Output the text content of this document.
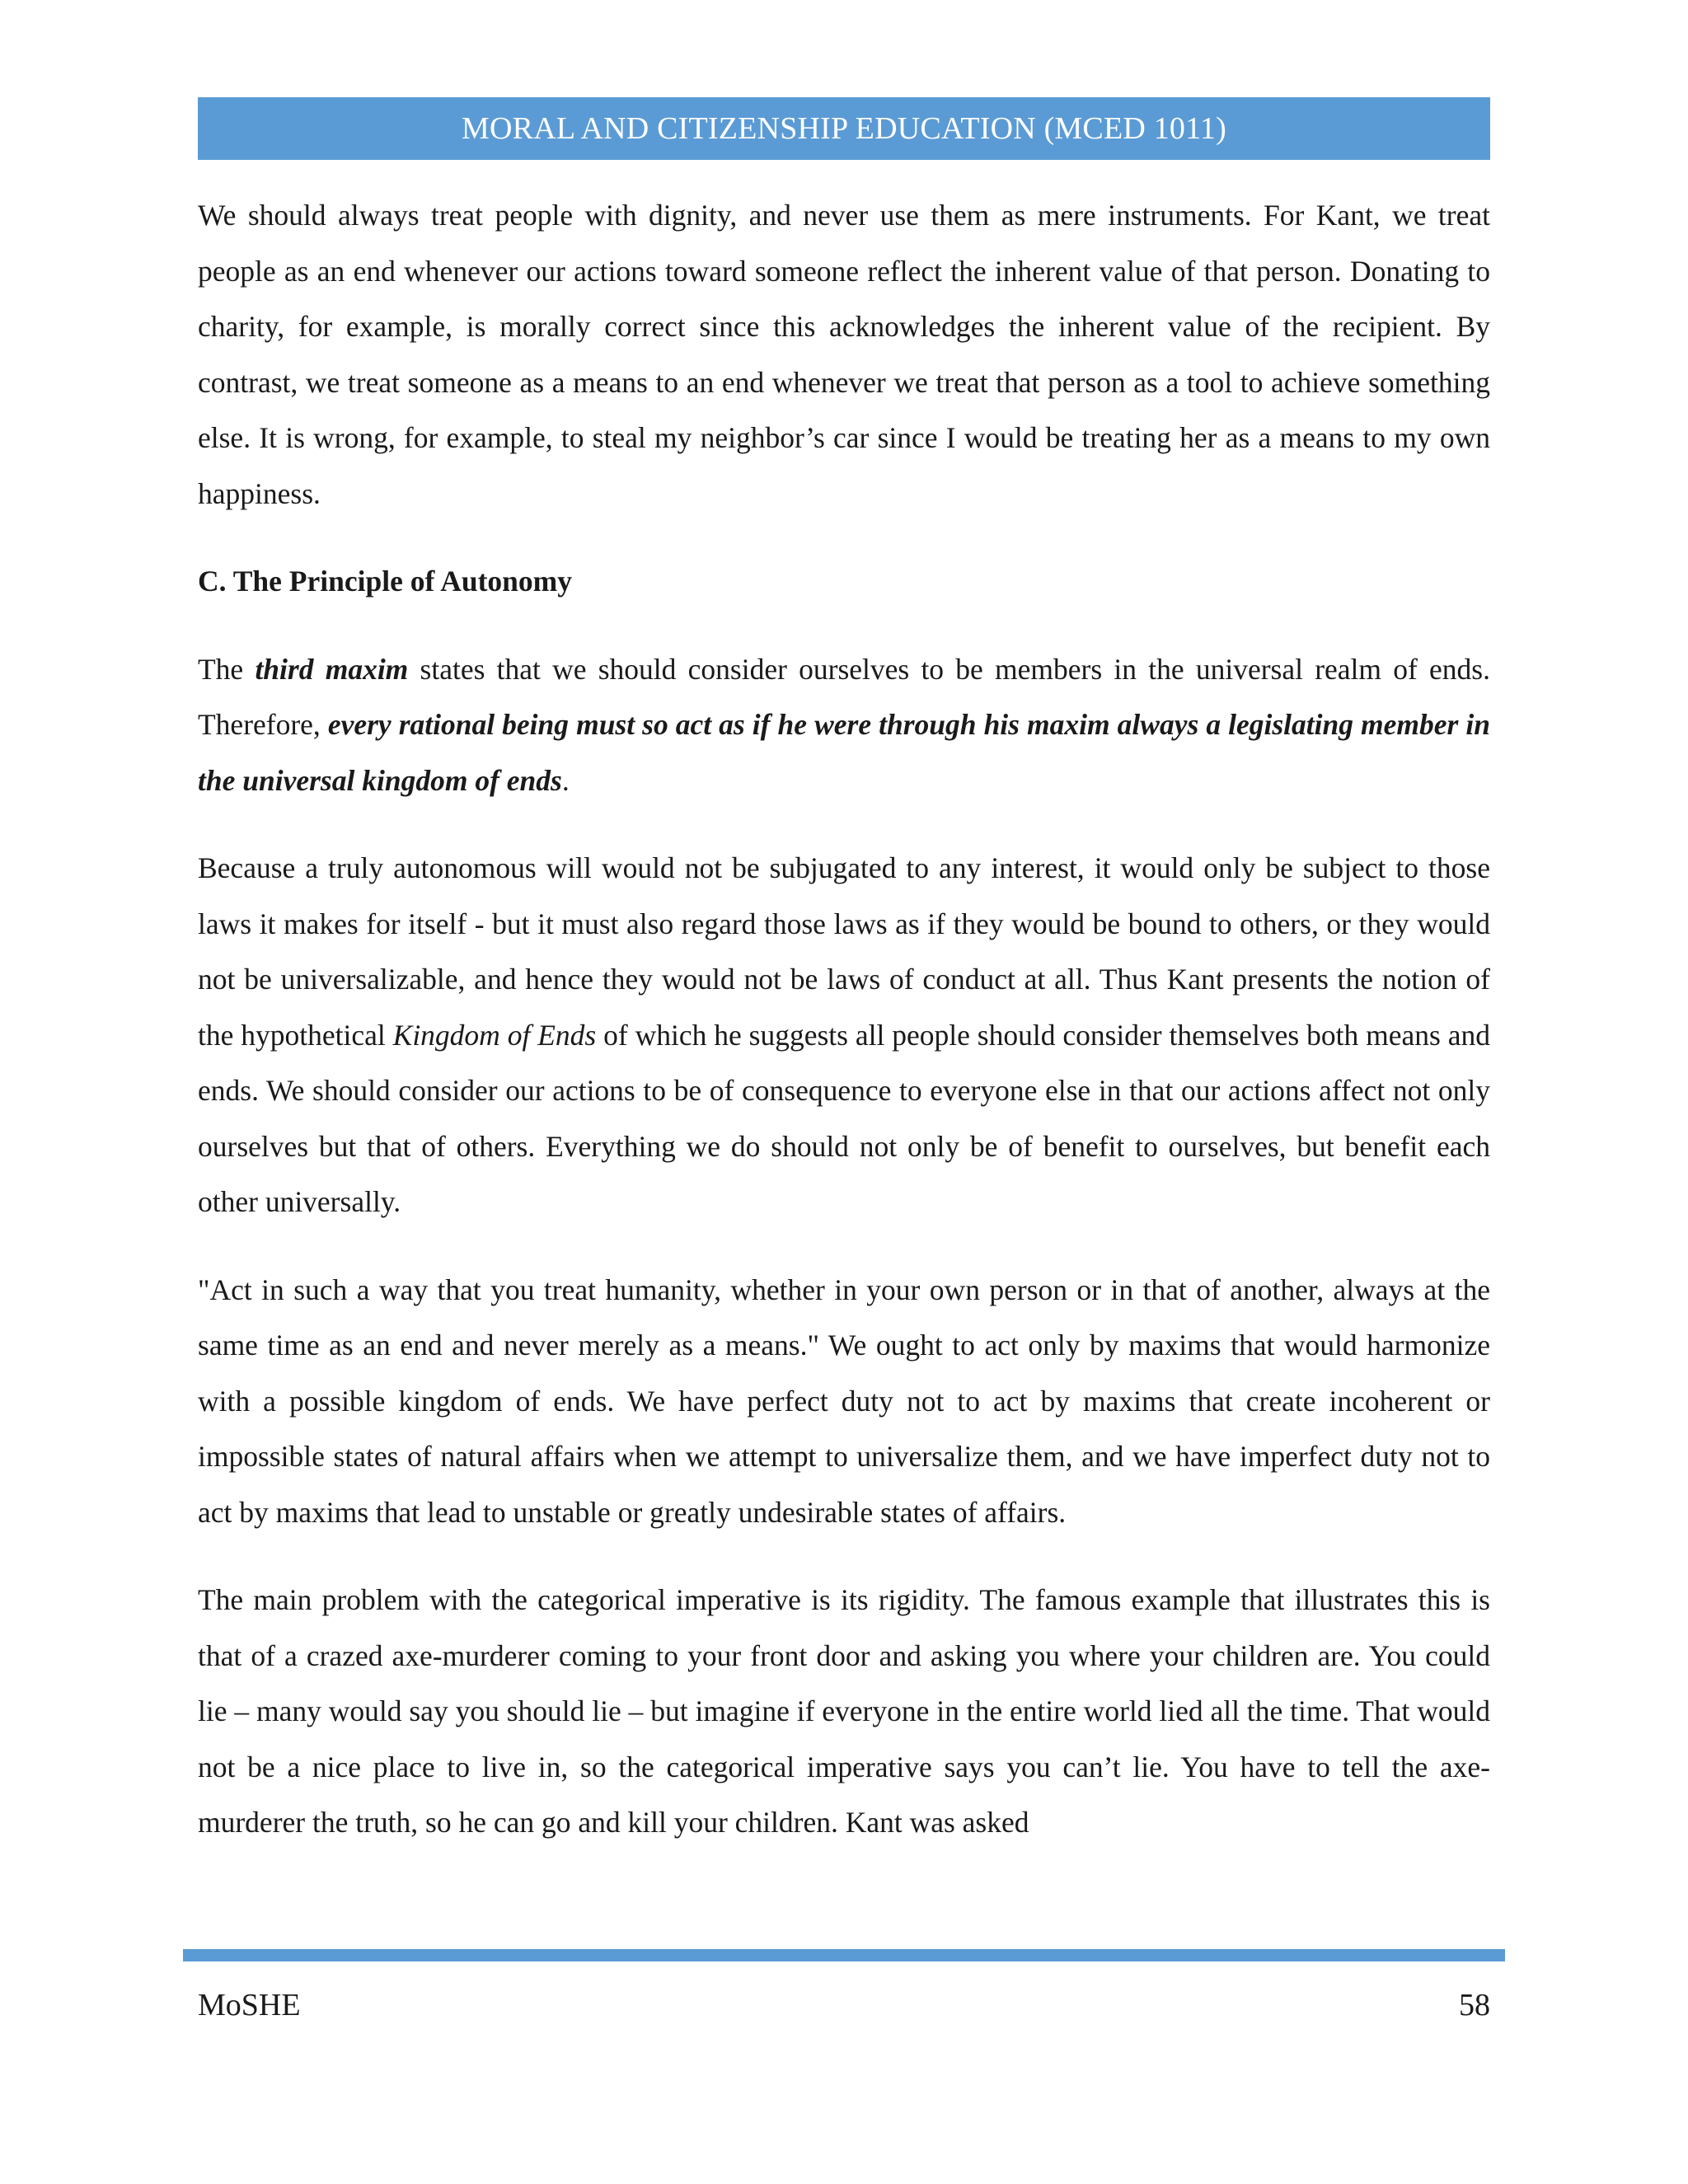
MORAL AND CITIZENSHIP EDUCATION (MCED 1011)

We should always treat people with dignity, and never use them as mere instruments. For Kant, we treat people as an end whenever our actions toward someone reflect the inherent value of that person. Donating to charity, for example, is morally correct since this acknowledges the inherent value of the recipient. By contrast, we treat someone as a means to an end whenever we treat that person as a tool to achieve something else. It is wrong, for example, to steal my neighbor’s car since I would be treating her as a means to my own happiness.

C. The Principle of Autonomy

The third maxim states that we should consider ourselves to be members in the universal realm of ends. Therefore, every rational being must so act as if he were through his maxim always a legislating member in the universal kingdom of ends.

Because a truly autonomous will would not be subjugated to any interest, it would only be subject to those laws it makes for itself - but it must also regard those laws as if they would be bound to others, or they would not be universalizable, and hence they would not be laws of conduct at all. Thus Kant presents the notion of the hypothetical Kingdom of Ends of which he suggests all people should consider themselves both means and ends. We should consider our actions to be of consequence to everyone else in that our actions affect not only ourselves but that of others. Everything we do should not only be of benefit to ourselves, but benefit each other universally.

"Act in such a way that you treat humanity, whether in your own person or in that of another, always at the same time as an end and never merely as a means." We ought to act only by maxims that would harmonize with a possible kingdom of ends. We have perfect duty not to act by maxims that create incoherent or impossible states of natural affairs when we attempt to universalize them, and we have imperfect duty not to act by maxims that lead to unstable or greatly undesirable states of affairs.

The main problem with the categorical imperative is its rigidity. The famous example that illustrates this is that of a crazed axe-murderer coming to your front door and asking you where your children are. You could lie – many would say you should lie – but imagine if everyone in the entire world lied all the time. That would not be a nice place to live in, so the categorical imperative says you can’t lie. You have to tell the axe-murderer the truth, so he can go and kill your children. Kant was asked

MoSHE	58
